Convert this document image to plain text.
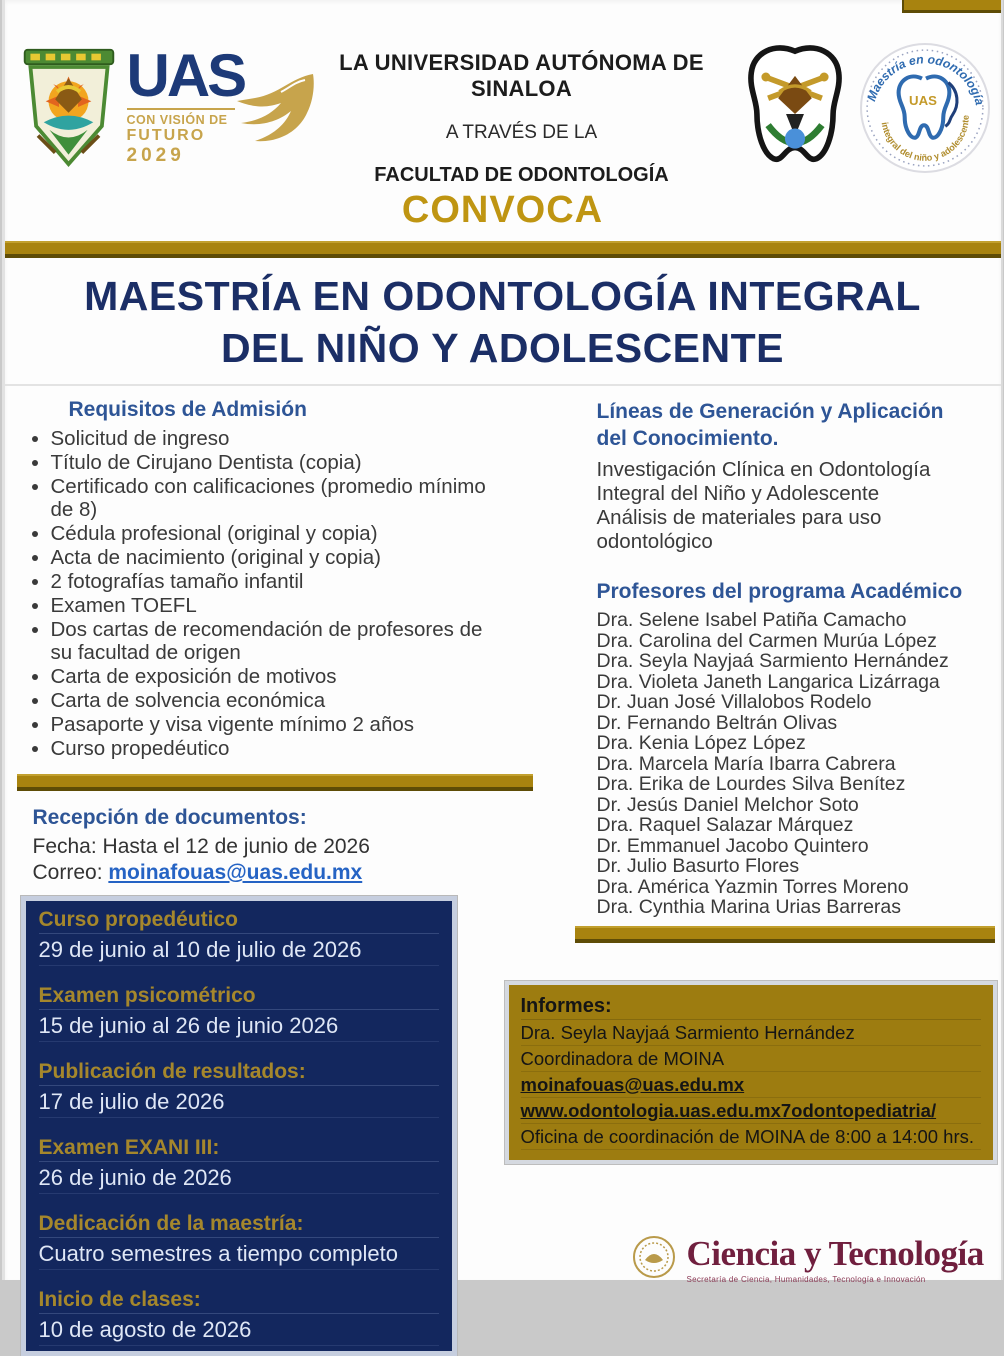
UAS
CON VISIÓN DE
FUTURO
2029
LA UNIVERSIDAD AUTÓNOMA DE SINALOA
A TRAVÉS DE LA
FACULTAD DE ODONTOLOGÍA
Maestría en odontología
integral del niño y adolescente
UAS
CONVOCA
MAESTRÍA EN ODONTOLOGÍA INTEGRAL
DEL NIÑO Y ADOLESCENTE
Requisitos de Admisión
• Solicitud de ingreso
• Título de Cirujano Dentista (copia)
• Certificado con calificaciones (promedio mínimo de 8)
• Cédula profesional (original y copia)
• Acta de nacimiento (original y copia)
• 2 fotografías tamaño infantil
• Examen TOEFL
• Dos cartas de recomendación de profesores de su facultad de origen
• Carta de exposición de motivos
• Carta de solvencia económica
• Pasaporte y visa vigente mínimo 2 años
• Curso propedéutico
Recepción de documentos:
Fecha: Hasta el 12 de junio de 2026
Correo: moinafouas@uas.edu.mx
Curso propedéutico
29 de junio al 10 de julio de 2026
Examen psicométrico
15 de junio al 26 de junio 2026
Publicación de resultados:
17 de julio de 2026
Examen EXANI III:
26 de junio de 2026
Dedicación de la maestría:
Cuatro semestres a tiempo completo
Inicio de clases:
10 de agosto de 2026
Líneas de Generación y Aplicación del Conocimiento.
Investigación Clínica en Odontología Integral del Niño y Adolescente
Análisis de materiales para uso odontológico
Profesores del programa Académico
Dra. Selene Isabel Patiña Camacho
Dra. Carolina del Carmen Murúa López
Dra. Seyla Nayjaá Sarmiento Hernández
Dra. Violeta Janeth Langarica Lizárraga
Dr. Juan José Villalobos Rodelo
Dr. Fernando Beltrán Olivas
Dra. Kenia López López
Dra. Marcela María Ibarra Cabrera
Dra. Erika de Lourdes Silva Benítez
Dr. Jesús Daniel Melchor Soto
Dra. Raquel Salazar Márquez
Dr. Emmanuel Jacobo Quintero
Dr. Julio Basurto Flores
Dra. América Yazmin Torres Moreno
Dra. Cynthia Marina Urias Barreras
Informes:
Dra. Seyla Nayjaá Sarmiento Hernández
Coordinadora de MOINA
moinafouas@uas.edu.mx
www.odontologia.uas.edu.mx7odontopediatria/
Oficina de coordinación de MOINA de 8:00 a 14:00 hrs.
Ciencia y Tecnología
Secretaría de Ciencia, Humanidades, Tecnología e Innovación
